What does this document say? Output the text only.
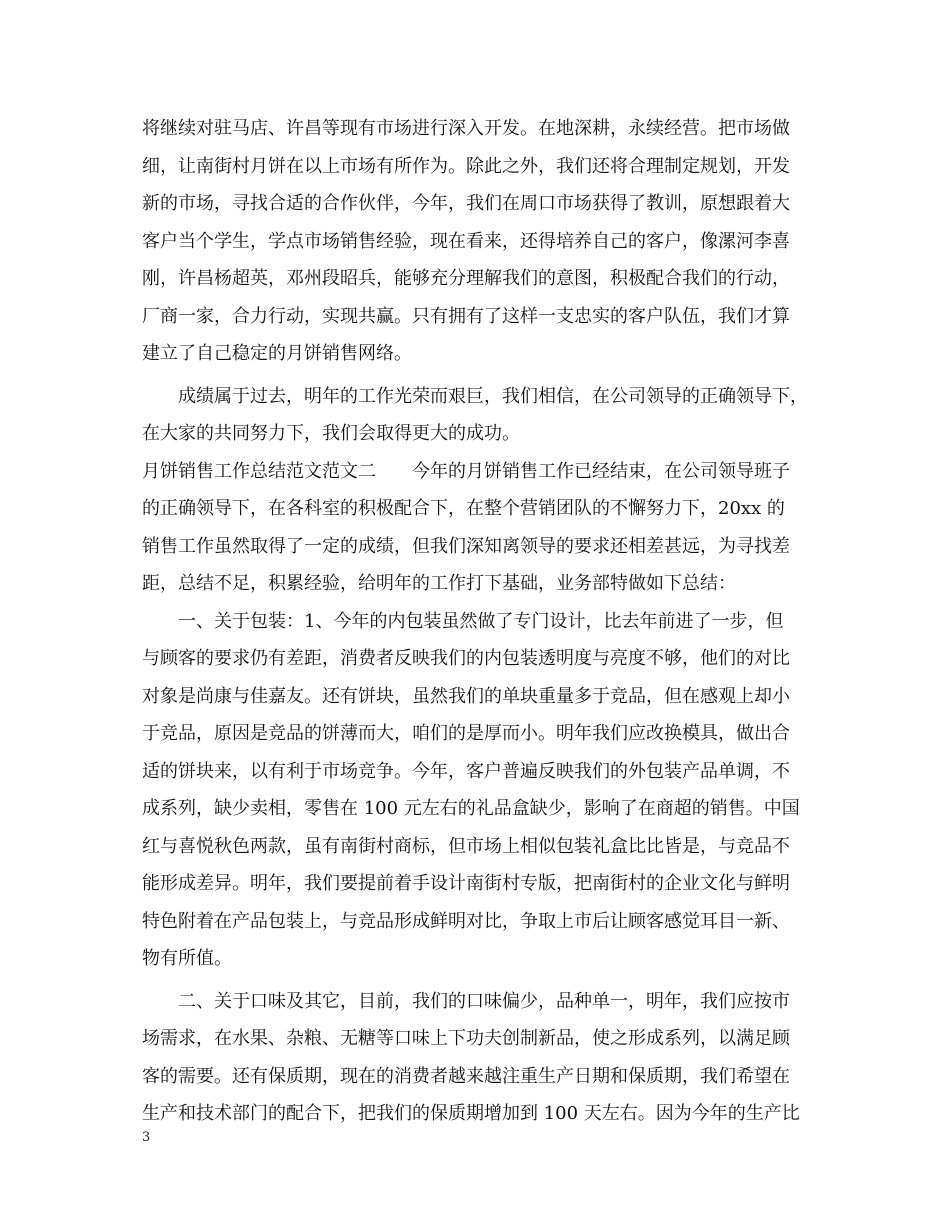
将继续对驻马店、许昌等现有市场进行深入开发。在地深耕，永续经营。把市场做
细，让南街村月饼在以上市场有所作为。除此之外，我们还将合理制定规划，开发
新的市场，寻找合适的合作伙伴，今年，我们在周口市场获得了教训，原想跟着大
客户当个学生，学点市场销售经验，现在看来，还得培养自己的客户，像漯河李喜
刚，许昌杨超英，邓州段昭兵，能够充分理解我们的意图，积极配合我们的行动，
厂商一家，合力行动，实现共赢。只有拥有了这样一支忠实的客户队伍，我们才算
建立了自己稳定的月饼销售网络。
成绩属于过去，明年的工作光荣而艰巨，我们相信，在公司领导的正确领导下，
在大家的共同努力下，我们会取得更大的成功。
月饼销售工作总结范文范文二　　今年的月饼销售工作已经结束，在公司领导班子
的正确领导下，在各科室的积极配合下，在整个营销团队的不懈努力下，20xx 的
销售工作虽然取得了一定的成绩，但我们深知离领导的要求还相差甚远，为寻找差
距，总结不足，积累经验，给明年的工作打下基础，业务部特做如下总结：
一、关于包装：1、今年的内包装虽然做了专门设计，比去年前进了一步，但
与顾客的要求仍有差距，消费者反映我们的内包装透明度与亮度不够，他们的对比
对象是尚康与佳嘉友。还有饼块，虽然我们的单块重量多于竞品，但在感观上却小
于竞品，原因是竞品的饼薄而大，咱们的是厚而小。明年我们应改换模具，做出合
适的饼块来，以有利于市场竞争。今年，客户普遍反映我们的外包装产品单调，不
成系列，缺少卖相，零售在 100 元左右的礼品盒缺少，影响了在商超的销售。中国
红与喜悦秋色两款，虽有南街村商标，但市场上相似包装礼盒比比皆是，与竞品不
能形成差异。明年，我们要提前着手设计南街村专版，把南街村的企业文化与鲜明
特色附着在产品包装上，与竞品形成鲜明对比，争取上市后让顾客感觉耳目一新、
物有所值。
二、关于口味及其它，目前，我们的口味偏少，品种单一，明年，我们应按市
场需求，在水果、杂粮、无糖等口味上下功夫创制新品，使之形成系列，以满足顾
客的需要。还有保质期，现在的消费者越来越注重生产日期和保质期，我们希望在
生产和技术部门的配合下，把我们的保质期增加到 100 天左右。因为今年的生产比
3
